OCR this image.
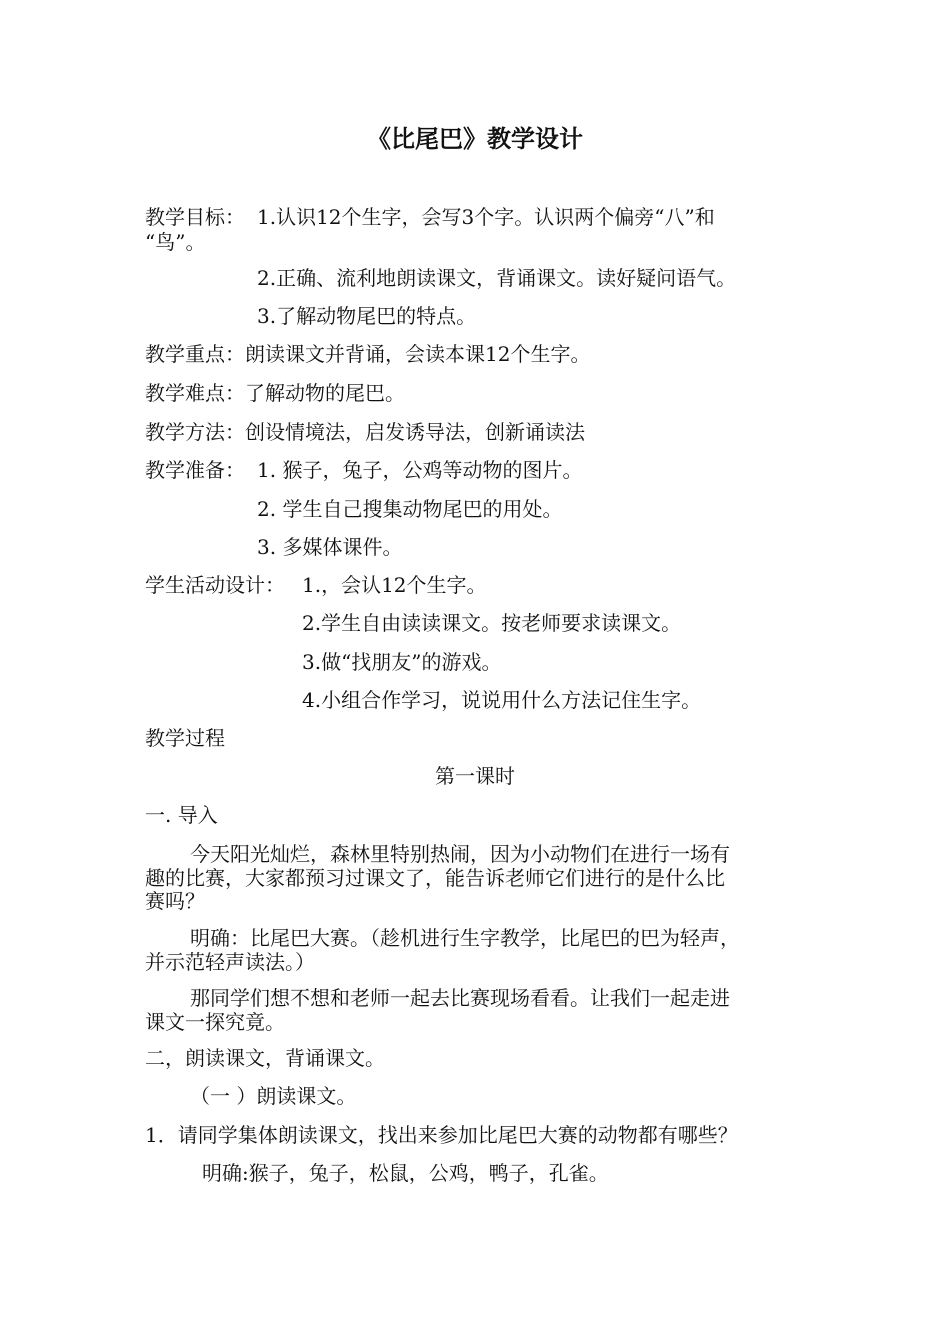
《比尾巴》教学设计
教学目标： 1.认识12个生字，会写3个字。认识两个偏旁“八”和
“鸟”。
2.正确、流利地朗读课文，背诵课文。读好疑问语气。
3.了解动物尾巴的特点。
教学重点：朗读课文并背诵，会读本课12个生字。
教学难点：了解动物的尾巴。
教学方法：创设情境法，启发诱导法，创新诵读法
教学准备： 1. 猴子，兔子，公鸡等动物的图片。
2. 学生自己搜集动物尾巴的用处。
3. 多媒体课件。
学生活动设计： 1.，会认12个生字。
2.学生自由读读课文。按老师要求读课文。
3.做“找朋友”的游戏。
4.小组合作学习，说说用什么方法记住生字。
教学过程
第一课时
一. 导入
今天阳光灿烂，森林里特别热闹，因为小动物们在进行一场有
趣的比赛，大家都预习过课文了，能告诉老师它们进行的是什么比
赛吗？
明确：比尾巴大赛。（趁机进行生字教学，比尾巴的巴为轻声，
并示范轻声读法。）
那同学们想不想和老师一起去比赛现场看看。让我们一起走进
课文一探究竟。
二，朗读课文，背诵课文。
（一 ）朗读课文。
1．请同学集体朗读课文，找出来参加比尾巴大赛的动物都有哪些？
明确:猴子，兔子，松鼠，公鸡，鸭子，孔雀。
